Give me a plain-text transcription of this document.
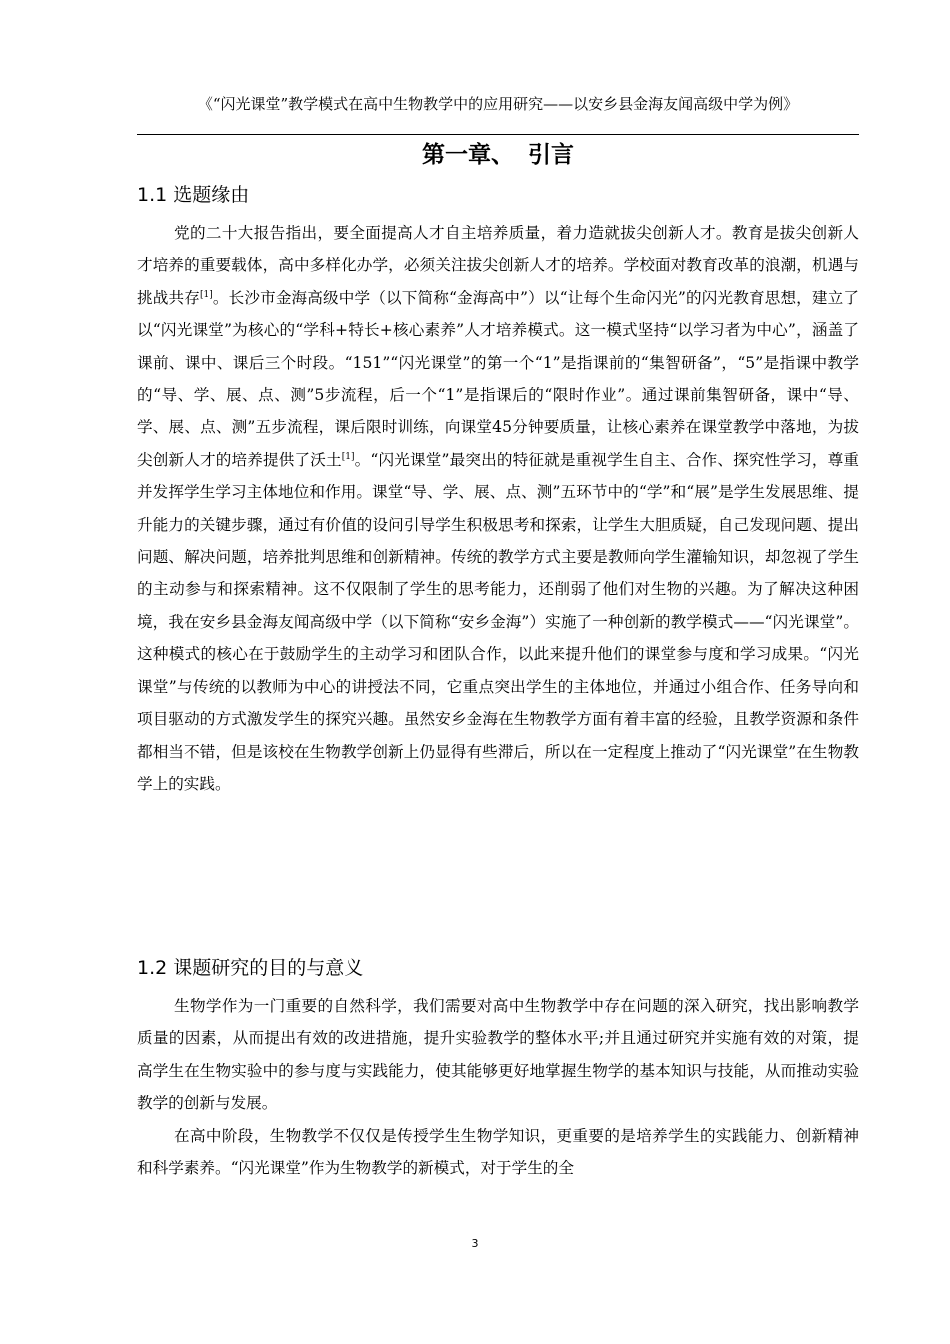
《“闪光课堂”教学模式在高中生物教学中的应用研究——以安乡县金海友闻高级中学为例》
第一章、 引言
1.1 选题缘由

党的二十大报告指出，要全面提高人才自主培养质量，着力造就拔尖创新人才。教育是拔尖创新人才培养的重要载体，高中多样化办学，必须关注拔尖创新人才的培养。学校面对教育改革的浪潮，机遇与挑战共存[1]。长沙市金海高级中学（以下简称“金海高中”）以“让每个生命闪光”的闪光教育思想，建立了以“闪光课堂”为核心的“学科+特长+核心素养”人才培养模式。这一模式坚持“以学习者为中心”，涵盖了课前、课中、课后三个时段。“151”“闪光课堂”的第一个“1”是指课前的“集智研备”，“5”是指课中教学的“导、学、展、点、测”5步流程，后一个“1”是指课后的“限时作业”。通过课前集智研备，课中“导、学、展、点、测”五步流程，课后限时训练，向课堂45分钟要质量，让核心素养在课堂教学中落地，为拔尖创新人才的培养提供了沃土[1]。“闪光课堂”最突出的特征就是重视学生自主、合作、探究性学习，尊重并发挥学生学习主体地位和作用。课堂“导、学、展、点、测”五环节中的“学”和“展”是学生发展思维、提升能力的关键步骤，通过有价值的设问引导学生积极思考和探索，让学生大胆质疑，自己发现问题、提出问题、解决问题，培养批判思维和创新精神。传统的教学方式主要是教师向学生灌输知识，却忽视了学生的主动参与和探索精神。这不仅限制了学生的思考能力，还削弱了他们对生物的兴趣。为了解决这种困境，我在安乡县金海友闻高级中学（以下简称“安乡金海”）实施了一种创新的教学模式——“闪光课堂”。这种模式的核心在于鼓励学生的主动学习和团队合作，以此来提升他们的课堂参与度和学习成果。“闪光课堂”与传统的以教师为中心的讲授法不同，它重点突出学生的主体地位，并通过小组合作、任务导向和项目驱动的方式激发学生的探究兴趣。虽然安乡金海在生物教学方面有着丰富的经验，且教学资源和条件都相当不错，但是该校在生物教学创新上仍显得有些滞后，所以在一定程度上推动了“闪光课堂”在生物教学上的实践。

1.2 课题研究的目的与意义

生物学作为一门重要的自然科学，我们需要对高中生物教学中存在问题的深入研究，找出影响教学质量的因素，从而提出有效的改进措施，提升实验教学的整体水平;并且通过研究并实施有效的对策，提高学生在生物实验中的参与度与实践能力，使其能够更好地掌握生物学的基本知识与技能，从而推动实验教学的创新与发展。

在高中阶段，生物教学不仅仅是传授学生生物学知识，更重要的是培养学生的实践能力、创新精神和科学素养。“闪光课堂”作为生物教学的新模式，对于学生的全

3
